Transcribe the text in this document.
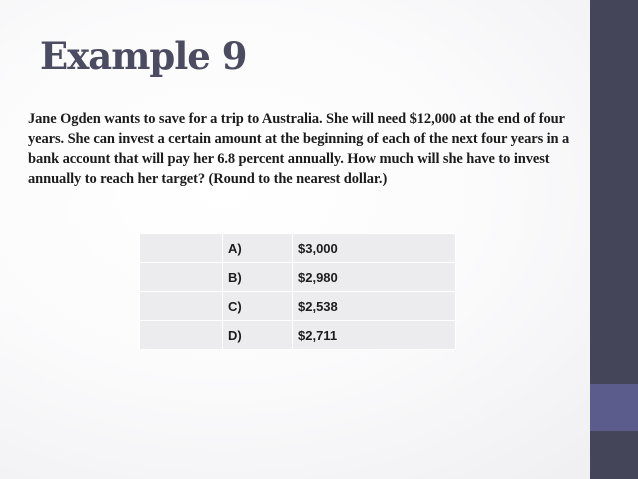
Example 9

Jane Ogden wants to save for a trip to Australia. She will need $12,000 at the end of four years. She can invest a certain amount at the beginning of each of the next four years in a bank account that will pay her 6.8 percent annually. How much will she have to invest annually to reach her target? (Round to the nearest dollar.)

	A)	$3,000
	B)	$2,980
	C)	$2,538
	D)	$2,711
